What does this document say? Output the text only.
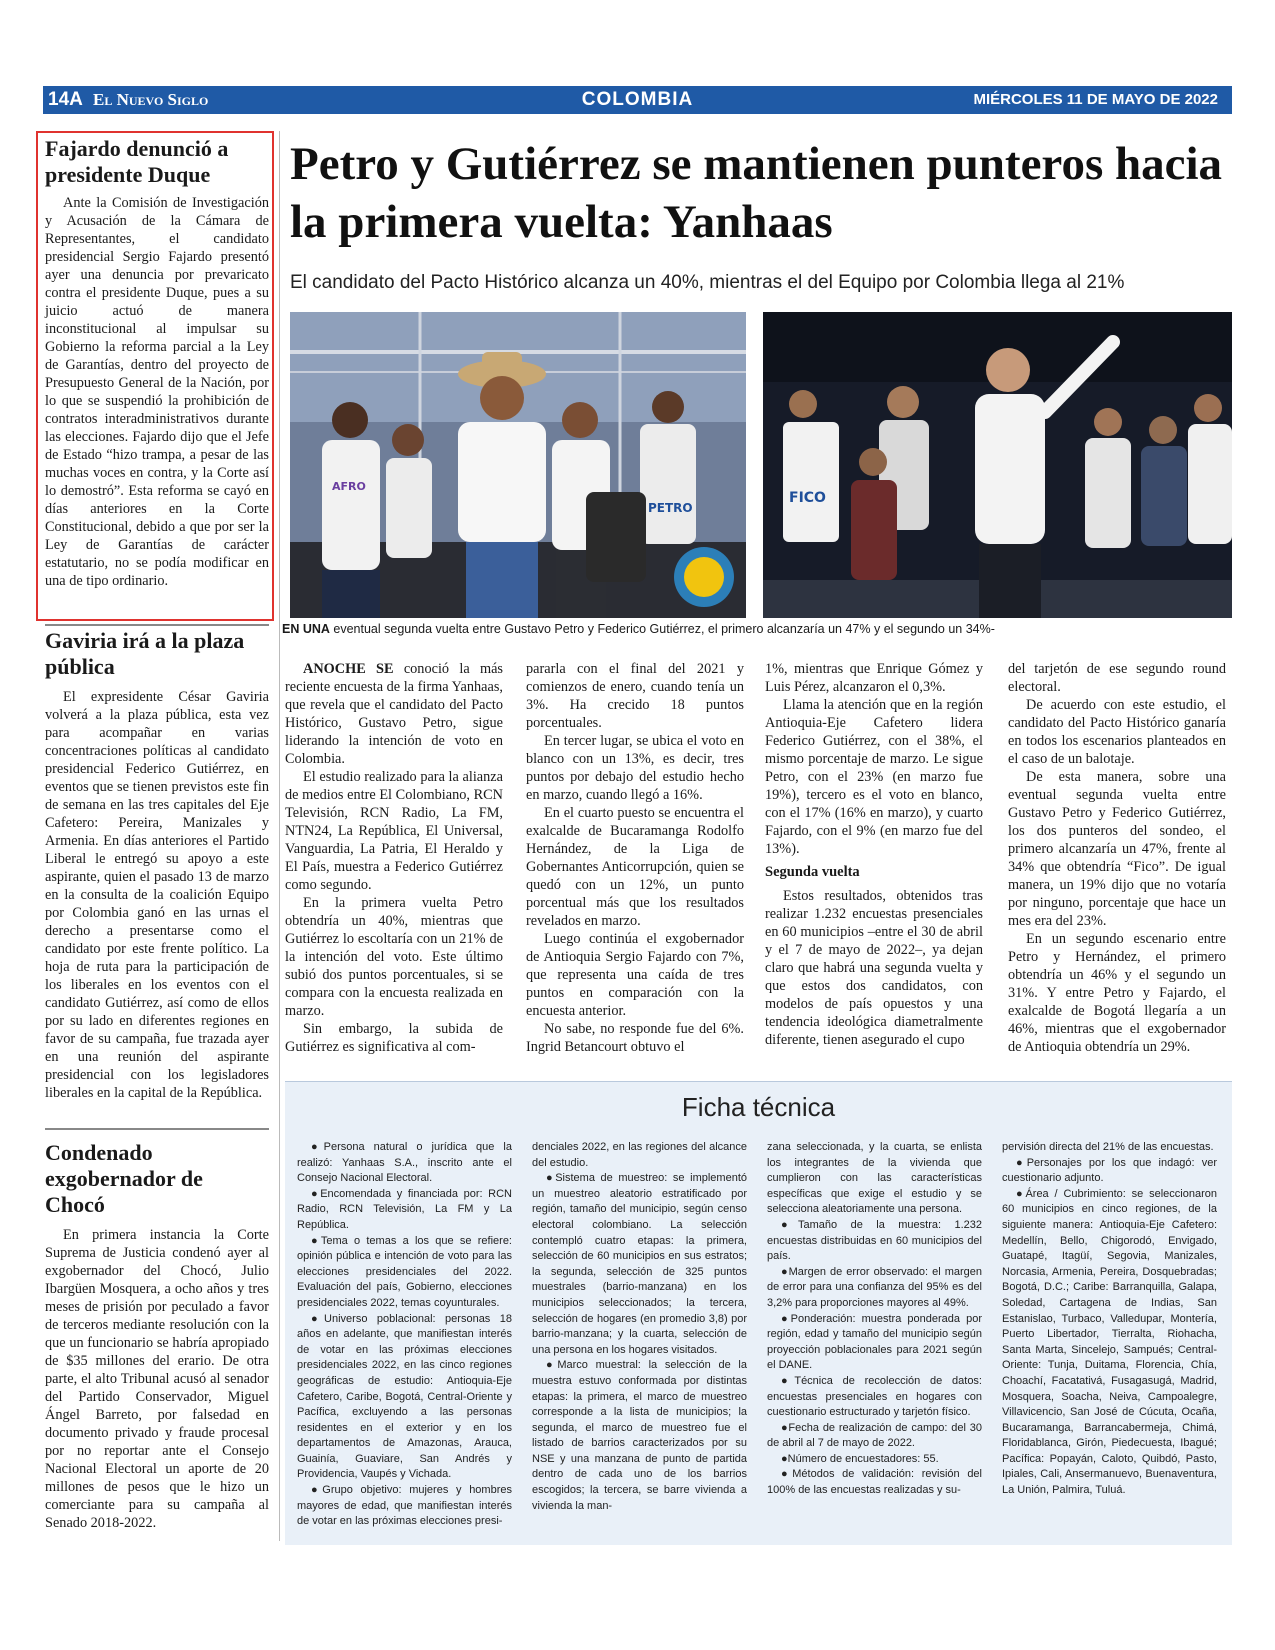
14A El Nuevo Siglo	COLOMBIA	MIÉRCOLES 11 DE MAYO DE 2022
Fajardo denunció a presidente Duque

Ante la Comisión de Investigación y Acusación de la Cámara de Representantes, el candidato presidencial Sergio Fajardo presentó ayer una denuncia por prevaricato contra el presidente Duque, pues a su juicio actuó de manera inconstitucional al impulsar su Gobierno la reforma parcial a la Ley de Garantías, dentro del proyecto de Presupuesto General de la Nación, por lo que se suspendió la prohibición de contratos interadministrativos durante las elecciones. Fajardo dijo que el Jefe de Estado “hizo trampa, a pesar de las muchas voces en contra, y la Corte así lo demostró”. Esta reforma se cayó en días anteriores en la Corte Constitucional, debido a que por ser la Ley de Garantías de carácter estatutario, no se podía modificar en una de tipo ordinario.

Gaviria irá a la plaza pública

El expresidente César Gaviria volverá a la plaza pública, esta vez para acompañar en varias concentraciones políticas al candidato presidencial Federico Gutiérrez, en eventos que se tienen previstos este fin de semana en las tres capitales del Eje Cafetero: Pereira, Manizales y Armenia. En días anteriores el Partido Liberal le entregó su apoyo a este aspirante, quien el pasado 13 de marzo en la consulta de la coalición Equipo por Colombia ganó en las urnas el derecho a presentarse como el candidato por este frente político. La hoja de ruta para la participación de los liberales en los eventos con el candidato Gutiérrez, así como de ellos por su lado en diferentes regiones en favor de su campaña, fue trazada ayer en una reunión del aspirante presidencial con los legisladores liberales en la capital de la República.

Condenado exgobernador de Chocó

En primera instancia la Corte Suprema de Justicia condenó ayer al exgobernador del Chocó, Julio Ibargüen Mosquera, a ocho años y tres meses de prisión por peculado a favor de terceros mediante resolución con la que un funcionario se habría apropiado de $35 millones del erario. De otra parte, el alto Tribunal acusó al senador del Partido Conservador, Miguel Ángel Barreto, por falsedad en documento privado y fraude procesal por no reportar ante el Consejo Nacional Electoral un aporte de 20 millones de pesos que le hizo un comerciante para su campaña al Senado 2018-2022.

Petro y Gutiérrez se mantienen punteros hacia la primera vuelta: Yanhaas

El candidato del Pacto Histórico alcanza un 40%, mientras el del Equipo por Colombia llega al 21%

AFRO
PETRO
FICO

EN UNA eventual segunda vuelta entre Gustavo Petro y Federico Gutiérrez, el primero alcanzaría un 47% y el segundo un 34%-

ANOCHE SE conoció la más reciente encuesta de la firma Yanhaas, que revela que el candidato del Pacto Histórico, Gustavo Petro, sigue liderando la intención de voto en Colombia.

El estudio realizado para la alianza de medios entre El Colombiano, RCN Televisión, RCN Radio, La FM, NTN24, La República, El Universal, Vanguardia, La Patria, El Heraldo y El País, muestra a Federico Gutiérrez como segundo.

En la primera vuelta Petro obtendría un 40%, mientras que Gutiérrez lo escoltaría con un 21% de la intención del voto. Este último subió dos puntos porcentuales, si se compara con la encuesta realizada en marzo.

Sin embargo, la subida de Gutiérrez es significativa al com-

pararla con el final del 2021 y comienzos de enero, cuando tenía un 3%. Ha crecido 18 puntos porcentuales.

En tercer lugar, se ubica el voto en blanco con un 13%, es decir, tres puntos por debajo del estudio hecho en marzo, cuando llegó a 16%.

En el cuarto puesto se encuentra el exalcalde de Bucaramanga Rodolfo Hernández, de la Liga de Gobernantes Anticorrupción, quien se quedó con un 12%, un punto porcentual más que los resultados revelados en marzo.

Luego continúa el exgobernador de Antioquia Sergio Fajardo con 7%, que representa una caída de tres puntos en comparación con la encuesta anterior.

No sabe, no responde fue del 6%. Ingrid Betancourt obtuvo el

1%, mientras que Enrique Gómez y Luis Pérez, alcanzaron el 0,3%.

Llama la atención que en la región Antioquia-Eje Cafetero lidera Federico Gutiérrez, con el 38%, el mismo porcentaje de marzo. Le sigue Petro, con el 23% (en marzo fue 19%), tercero es el voto en blanco, con el 17% (16% en marzo), y cuarto Fajardo, con el 9% (en marzo fue del 13%).

Segunda vuelta

Estos resultados, obtenidos tras realizar 1.232 encuestas presenciales en 60 municipios –entre el 30 de abril y el 7 de mayo de 2022–, ya dejan claro que habrá una segunda vuelta y que estos dos candidatos, con modelos de país opuestos y una tendencia ideológica diametralmente diferente, tienen asegurado el cupo

del tarjetón de ese segundo round electoral.

De acuerdo con este estudio, el candidato del Pacto Histórico ganaría en todos los escenarios planteados en el caso de un balotaje.

De esta manera, sobre una eventual segunda vuelta entre Gustavo Petro y Federico Gutiérrez, los dos punteros del sondeo, el primero alcanzaría un 47%, frente al 34% que obtendría “Fico”. De igual manera, un 19% dijo que no votaría por ninguno, porcentaje que hace un mes era del 23%.

En un segundo escenario entre Petro y Hernández, el primero obtendría un 46% y el segundo un 31%. Y entre Petro y Fajardo, el exalcalde de Bogotá llegaría a un 46%, mientras que el exgobernador de Antioquia obtendría un 29%.

Ficha técnica

●Persona natural o jurídica que la realizó: Yanhaas S.A., inscrito ante el Consejo Nacional Electoral.

●Encomendada y financiada por: RCN Radio, RCN Televisión, La FM y La República.

●Tema o temas a los que se refiere: opinión pública e intención de voto para las elecciones presidenciales del 2022. Evaluación del país, Gobierno, elecciones presidenciales 2022, temas coyunturales.

●Universo poblacional: personas 18 años en adelante, que manifiestan interés de votar en las próximas elecciones presidenciales 2022, en las cinco regiones geográficas de estudio: Antioquia-Eje Cafetero, Caribe, Bogotá, Central-Oriente y Pacífica, excluyendo a las personas residentes en el exterior y en los departamentos de Amazonas, Arauca, Guainía, Guaviare, San Andrés y Providencia, Vaupés y Vichada.

●Grupo objetivo: mujeres y hombres mayores de edad, que manifiestan interés de votar en las próximas elecciones presi-

denciales 2022, en las regiones del alcance del estudio.

●Sistema de muestreo: se implementó un muestreo aleatorio estratificado por región, tamaño del municipio, según censo electoral colombiano. La selección contempló cuatro etapas: la primera, selección de 60 municipios en sus estratos; la segunda, selección de 325 puntos muestrales (barrio-manzana) en los municipios seleccionados; la tercera, selección de hogares (en promedio 3,8) por barrio-manzana; y la cuarta, selección de una persona en los hogares visitados.

●Marco muestral: la selección de la muestra estuvo conformada por distintas etapas: la primera, el marco de muestreo corresponde a la lista de municipios; la segunda, el marco de muestreo fue el listado de barrios caracterizados por su NSE y una manzana de punto de partida dentro de cada uno de los barrios escogidos; la tercera, se barre vivienda a vivienda la man-

zana seleccionada, y la cuarta, se enlista los integrantes de la vivienda que cumplieron con las características específicas que exige el estudio y se selecciona aleatoriamente una persona.

●Tamaño de la muestra: 1.232 encuestas distribuidas en 60 municipios del país.

●Margen de error observado: el margen de error para una confianza del 95% es del 3,2% para proporciones mayores al 49%.

●Ponderación: muestra ponderada por región, edad y tamaño del municipio según proyección poblacionales para 2021 según el DANE.

●Técnica de recolección de datos: encuestas presenciales en hogares con cuestionario estructurado y tarjetón físico.

●Fecha de realización de campo: del 30 de abril al 7 de mayo de 2022.

●Número de encuestadores: 55.

●Métodos de validación: revisión del 100% de las encuestas realizadas y su-

pervisión directa del 21% de las encuestas.

●Personajes por los que indagó: ver cuestionario adjunto.

●Área / Cubrimiento: se seleccionaron 60 municipios en cinco regiones, de la siguiente manera: Antioquia-Eje Cafetero: Medellín, Bello, Chigorodó, Envigado, Guatapé, Itagüí, Segovia, Manizales, Norcasia, Armenia, Pereira, Dosquebradas; Bogotá, D.C.; Caribe: Barranquilla, Galapa, Soledad, Cartagena de Indias, San Estanislao, Turbaco, Valledupar, Montería, Puerto Libertador, Tierralta, Riohacha, Santa Marta, Sincelejo, Sampués; Central-Oriente: Tunja, Duitama, Florencia, Chía, Choachí, Facatativá, Fusagasugá, Madrid, Mosquera, Soacha, Neiva, Campoalegre, Villavicencio, San José de Cúcuta, Ocaña, Bucaramanga, Barrancabermeja, Chimá, Floridablanca, Girón, Piedecuesta, Ibagué; Pacífica: Popayán, Caloto, Quibdó, Pasto, Ipiales, Cali, Ansermanuevo, Buenaventura, La Unión, Palmira, Tuluá.
